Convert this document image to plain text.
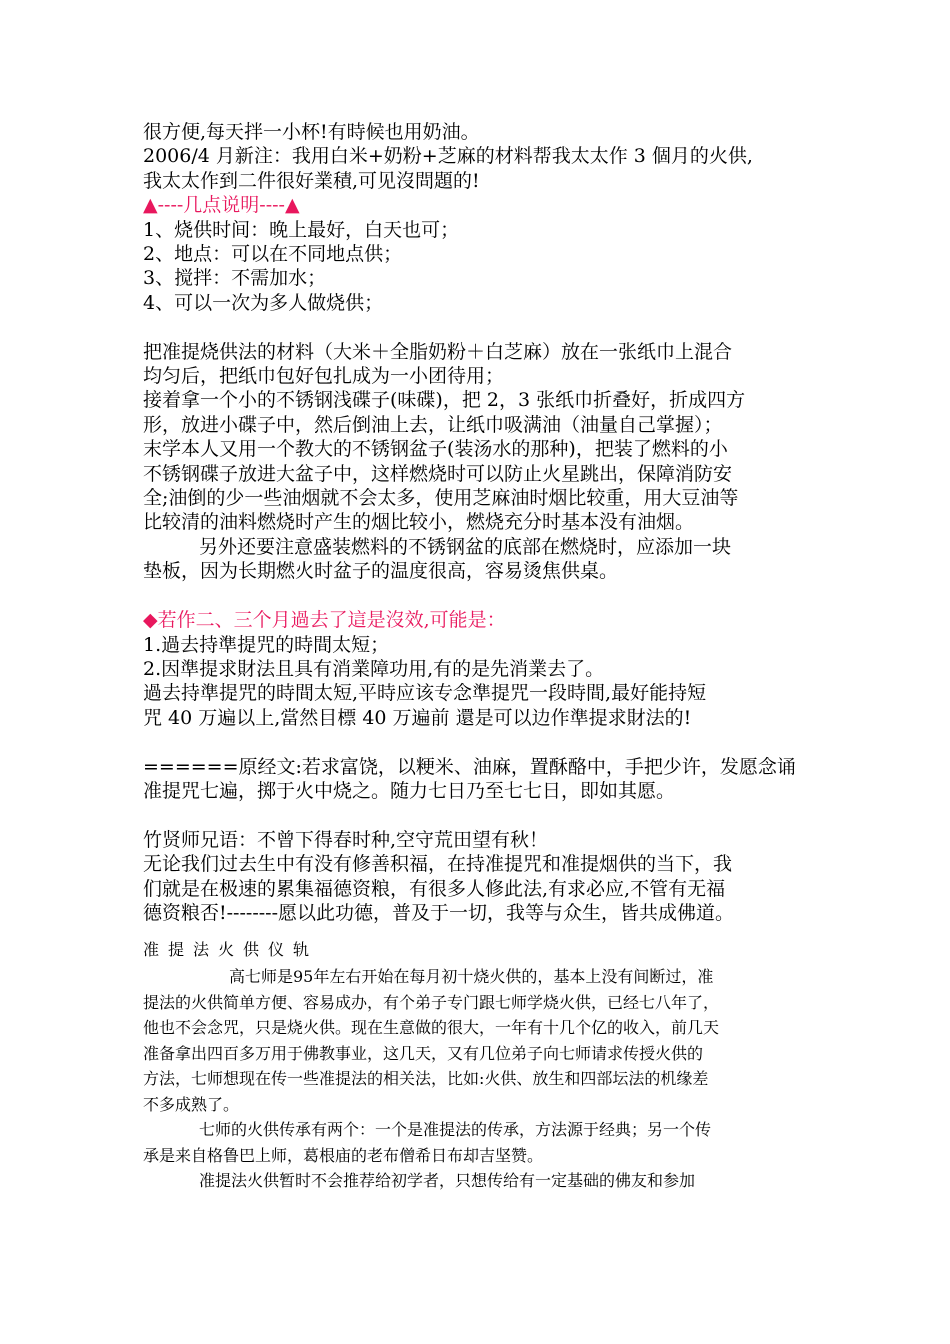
很方便,每天拌一小杯!有時候也用奶油。
2006/4 月新注：我用白米+奶粉+芝麻的材料帮我太太作 3 個月的火供,
我太太作到二件很好業積,可见沒問題的!
▲----几点说明----▲
1、烧供时间：晚上最好，白天也可；
2、地点：可以在不同地点供；
3、搅拌：不需加水；
4、可以一次为多人做烧供；
把准提烧供法的材料（大米＋全脂奶粉＋白芝麻）放在一张纸巾上混合
均匀后，把纸巾包好包扎成为一小团待用；
接着拿一个小的不锈钢浅碟子(味碟)，把 2，3 张纸巾折叠好，折成四方
形，放进小碟子中，然后倒油上去，让纸巾吸满油（油量自己掌握）；
末学本人又用一个教大的不锈钢盆子(装汤水的那种)，把装了燃料的小
不锈钢碟子放进大盆子中，这样燃烧时可以防止火星跳出，保障消防安
全;油倒的少一些油烟就不会太多，使用芝麻油时烟比较重，用大豆油等
比较清的油料燃烧时产生的烟比较小，燃烧充分时基本没有油烟。
另外还要注意盛装燃料的不锈钢盆的底部在燃烧时，应添加一块
垫板，因为长期燃火时盆子的温度很高，容易烫焦供桌。
◆若作二、三个月過去了這是沒效,可能是：
1.過去持準提咒的時間太短；
2.因準提求財法且具有消業障功用,有的是先消業去了。
過去持準提咒的時間太短,平時应该专念準提咒一段時間,最好能持短
咒 40 万遍以上,當然目標 40 万遍前 還是可以边作準提求財法的!
======原经文:若求富饶，以粳米、油麻，置酥酪中，手把少许，发愿念诵
准提咒七遍，掷于火中烧之。随力七日乃至七七日，即如其愿。
竹贤师兄语：不曾下得春时种,空守荒田望有秋！
无论我们过去生中有没有修善积福，在持准提咒和准提烟供的当下，我
们就是在极速的累集福德资粮，有很多人修此法,有求必应,不管有无福
德资粮否!--------愿以此功德，普及于一切，我等与众生，皆共成佛道。
准提法火供仪轨
高七师是95年左右开始在每月初十烧火供的，基本上没有间断过，准
提法的火供简单方便、容易成办，有个弟子专门跟七师学烧火供，已经七八年了，
他也不会念咒，只是烧火供。现在生意做的很大，一年有十几个亿的收入，前几天
准备拿出四百多万用于佛教事业，这几天，又有几位弟子向七师请求传授火供的
方法，七师想现在传一些准提法的相关法，比如:火供、放生和四部坛法的机缘差
不多成熟了。
七师的火供传承有两个：一个是准提法的传承，方法源于经典；另一个传
承是来自格鲁巴上师，葛根庙的老布僧希日布却吉坚赞。
准提法火供暂时不会推荐给初学者，只想传给有一定基础的佛友和参加
